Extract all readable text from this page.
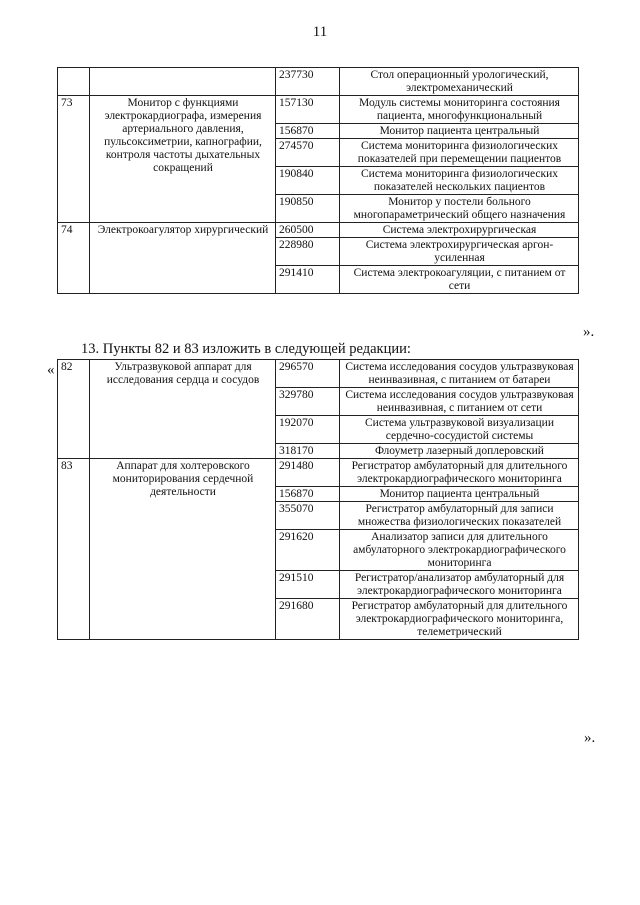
11
		237730	Стол операционный урологический, электромеханический
73	Монитор с функциями электрокардиографа, измерения артериального давления, пульсоксиметрии, капнографии, контроля частоты дыхательных сокращений	157130	Модуль системы мониторинга состояния пациента, многофункциональный
		156870	Монитор пациента центральный
		274570	Система мониторинга физиологических показателей при перемещении пациентов
		190840	Система мониторинга физиологических показателей нескольких пациентов
		190850	Монитор у постели больного многопараметрический общего назначения
74	Электрокоагулятор хирургический	260500	Система электрохирургическая
		228980	Система электрохирургическая аргон-усиленная
		291410	Система электрокоагуляции, с питанием от сети
».
13. Пункты 82 и 83 изложить в следующей редакции:
« 82	Ультразвуковой аппарат для исследования сердца и сосудов	296570	Система исследования сосудов ультразвуковая неинвазивная, с питанием от батареи
		329780	Система исследования сосудов ультразвуковая неинвазивная, с питанием от сети
		192070	Система ультразвуковой визуализации сердечно-сосудистой системы
		318170	Флоуметр лазерный доплеровский
83	Аппарат для холтеровского мониторирования сердечной деятельности	291480	Регистратор амбулаторный для длительного электрокардиографического мониторинга
		156870	Монитор пациента центральный
		355070	Регистратор амбулаторный для записи множества физиологических показателей
		291620	Анализатор записи для длительного амбулаторного электрокардиографического мониторинга
		291510	Регистратор/анализатор амбулаторный для электрокардиографического мониторинга
		291680	Регистратор амбулаторный для длительного электрокардиографического мониторинга, телеметрический
».
